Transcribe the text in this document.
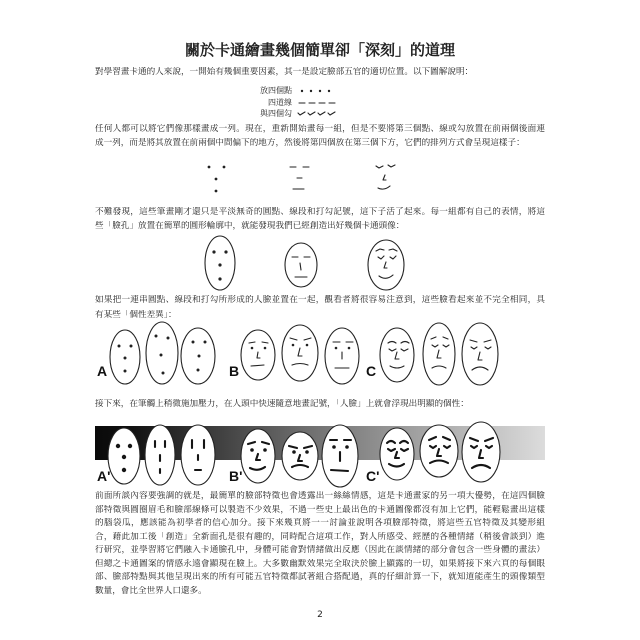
關於卡通繪畫幾個簡單卻「深刻」的道理
對學習畫卡通的人來說，一開始有幾個重要因素，其一是設定臉部五官的適切位置。以下圖解說明：
放四個點
四道線
與四個勾
任何人都可以將它們像那樣畫成一列。現在，重新開始畫每一組，但是不要將第三個點、線或勾放置在前兩個後面連
成一列，而是將其放置在前兩個中間偏下的地方，然後將第四個放在第三個下方，它們的排列方式會呈現這樣子：
不難發現，這些筆畫剛才還只是平淡無奇的圓點、線段和打勾記號，這下子活了起來。每一組都有自己的表情，將這
些「臉孔」放置在簡單的圓形輪廓中，就能發現我們已經創造出好幾個卡通頭像：
如果把一連串圓點、線段和打勾所形成的人臉並置在一起，觀看者將很容易注意到，這些臉看起來並不完全相同，具
有某些「個性差異」：
接下來，在筆觸上稍微施加壓力，在人頭中快速隨意地畫記號，「人臉」上就會浮現出明顯的個性：
前面所談內容要強調的就是，最簡單的臉部特徵也會透露出一絲絲情感，這是卡通畫家的另一項大優勢，在這四個臉
部特徵與圓圈眉毛和臉部線條可以製造不少效果，不過一些史上最出色的卡通圖像都沒有加上它們，能輕鬆畫出這樣
的腦袋瓜，應該能為初學者的信心加分。接下來幾頁將一一討論並說明各項臉部特徵，將這些五官特徵及其變形組
合，藉此加工後「創造」全新面孔是很有趣的，同時配合這項工作，對人所感受、經歷的各種情緒（稍後會談到）進
行研究，並學習將它們融入卡通臉孔中，身體可能會對情緒做出反應（因此在談情緒的部分會包含一些身體的畫法）
但總之卡通圖案的情感永遠會顯現在臉上。大多數幽默效果完全取決於臉上顯露的一切，如果將接下來六頁的每個眼
部、臉部特點與其他呈現出來的所有可能五官特徵都試著組合搭配過，真的仔細計算一下，就知道能產生的頭像類型
數量，會比全世界人口還多。
A	B	C
A'	B'	C'
2
